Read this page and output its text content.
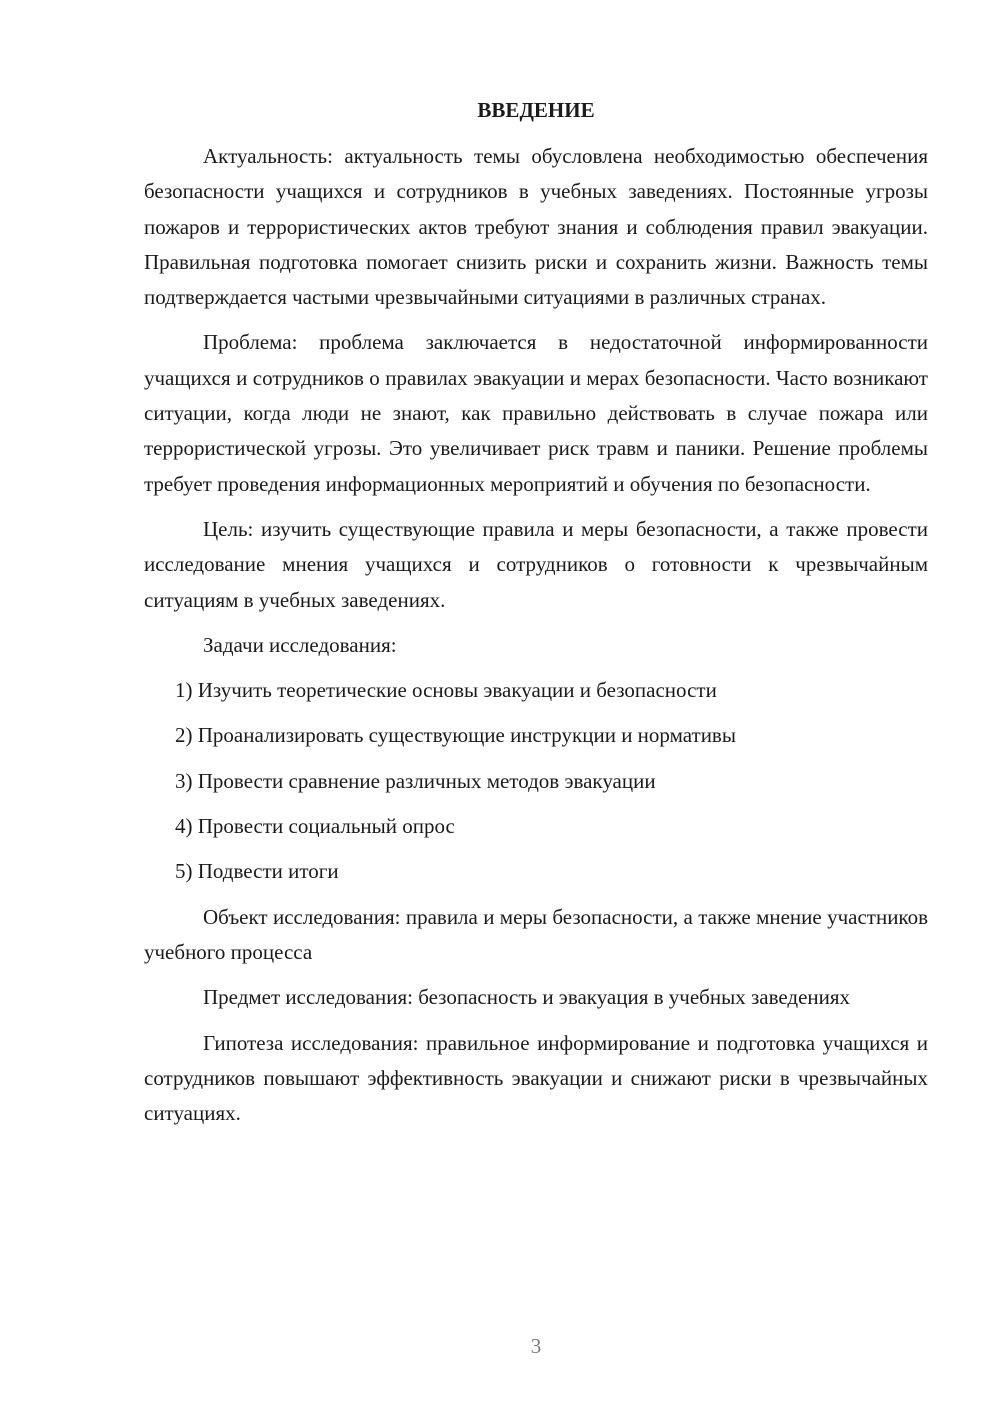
ВВЕДЕНИЕ

Актуальность: актуальность темы обусловлена необходимостью обеспечения безопасности учащихся и сотрудников в учебных заведениях. Постоянные угрозы пожаров и террористических актов требуют знания и соблюдения правил эвакуации. Правильная подготовка помогает снизить риски и сохранить жизни. Важность темы подтверждается частыми чрезвычайными ситуациями в различных странах.

Проблема: проблема заключается в недостаточной информированности учащихся и сотрудников о правилах эвакуации и мерах безопасности. Часто возникают ситуации, когда люди не знают, как правильно действовать в случае пожара или террористической угрозы. Это увеличивает риск травм и паники. Решение проблемы требует проведения информационных мероприятий и обучения по безопасности.

Цель: изучить существующие правила и меры безопасности, а также провести исследование мнения учащихся и сотрудников о готовности к чрезвычайным ситуациям в учебных заведениях.

Задачи исследования:

1) Изучить теоретические основы эвакуации и безопасности
2) Проанализировать существующие инструкции и нормативы
3) Провести сравнение различных методов эвакуации
4) Провести социальный опрос
5) Подвести итоги

Объект исследования: правила и меры безопасности, а также мнение участников учебного процесса

Предмет исследования: безопасность и эвакуация в учебных заведениях

Гипотеза исследования: правильное информирование и подготовка учащихся и сотрудников повышают эффективность эвакуации и снижают риски в чрезвычайных ситуациях.

3
